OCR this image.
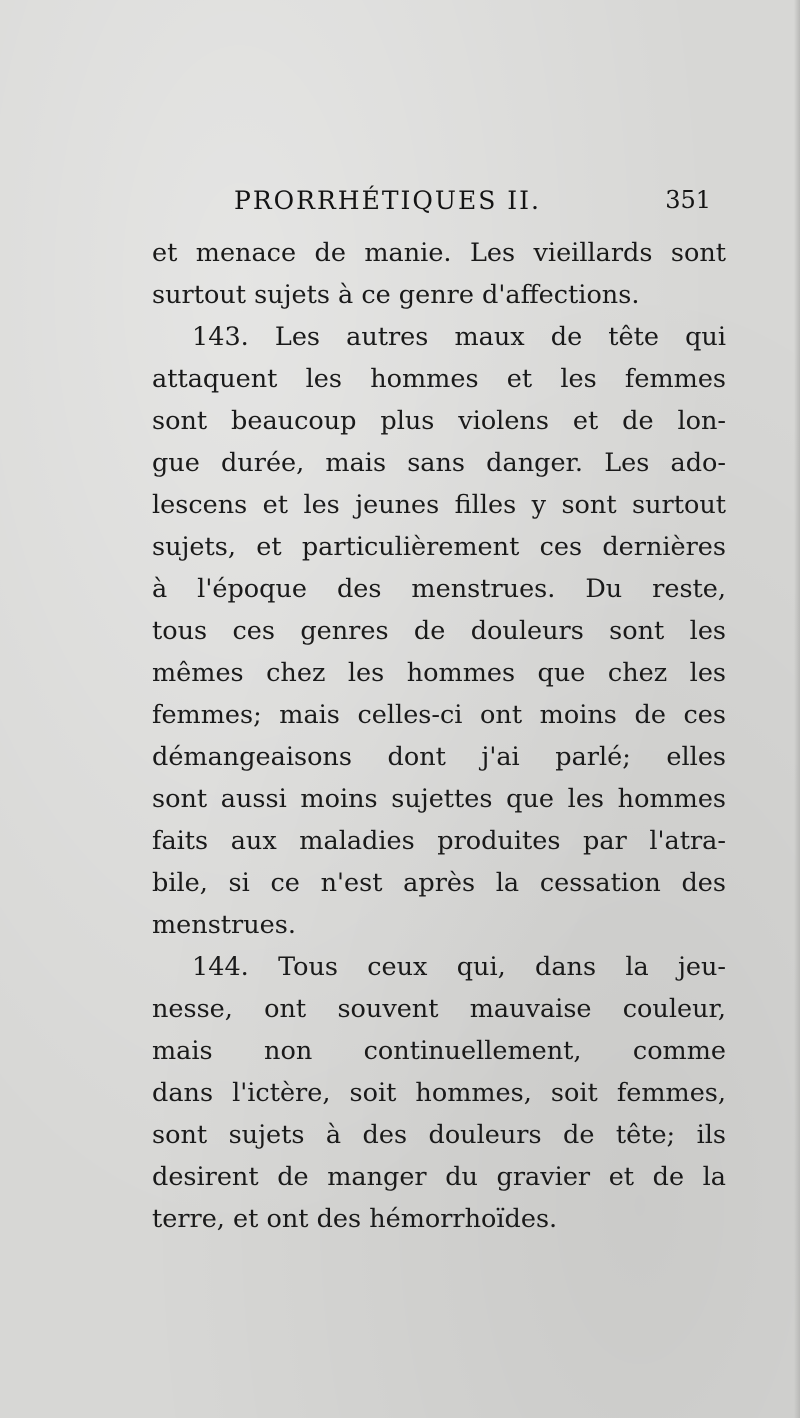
PRORRHÉTIQUES II.	351
et menace de manie. Les vieillards sont
surtout sujets à ce genre d'affections.
143. Les autres maux de tête qui
attaquent les hommes et les femmes
sont beaucoup plus violens et de lon-
gue durée, mais sans danger. Les ado-
lescens et les jeunes filles y sont surtout
sujets, et particulièrement ces dernières
à l'époque des menstrues. Du reste,
tous ces genres de douleurs sont les
mêmes chez les hommes que chez les
femmes; mais celles-ci ont moins de ces
démangeaisons dont j'ai parlé; elles
sont aussi moins sujettes que les hommes
faits aux maladies produites par l'atra-
bile, si ce n'est après la cessation des
menstrues.
144. Tous ceux qui, dans la jeu-
nesse, ont souvent mauvaise couleur,
mais non continuellement, comme
dans l'ictère, soit hommes, soit femmes,
sont sujets à des douleurs de tête; ils
desirent de manger du gravier et de la
terre, et ont des hémorrhoïdes.
